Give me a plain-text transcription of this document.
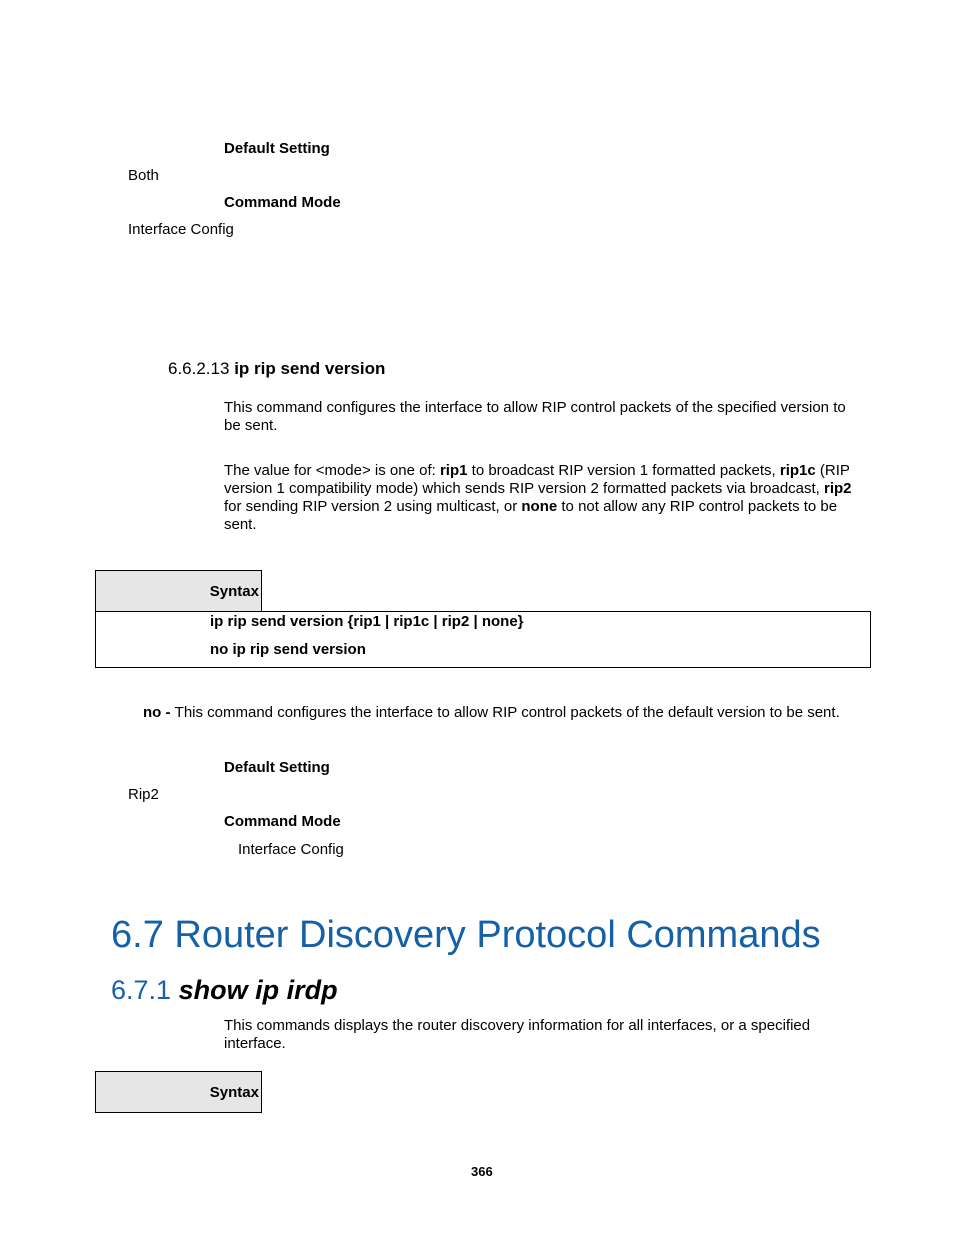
Default Setting
Both
Command Mode
Interface Config
6.6.2.13 ip rip send version
This command configures the interface to allow RIP control packets of the specified version to be sent.
The value for <mode> is one of: rip1 to broadcast RIP version 1 formatted packets, rip1c (RIP version 1 compatibility mode) which sends RIP version 2 formatted packets via broadcast, rip2 for sending RIP version 2 using multicast, or none to not allow any RIP control packets to be sent.
Syntax
ip rip send version {rip1 | rip1c | rip2 | none}
no ip rip send version
no - This command configures the interface to allow RIP control packets of the default version to be sent.
Default Setting
Rip2
Command Mode
Interface Config
6.7 Router Discovery Protocol Commands
6.7.1 show ip irdp
This commands displays the router discovery information for all interfaces, or a specified interface.
Syntax
366
